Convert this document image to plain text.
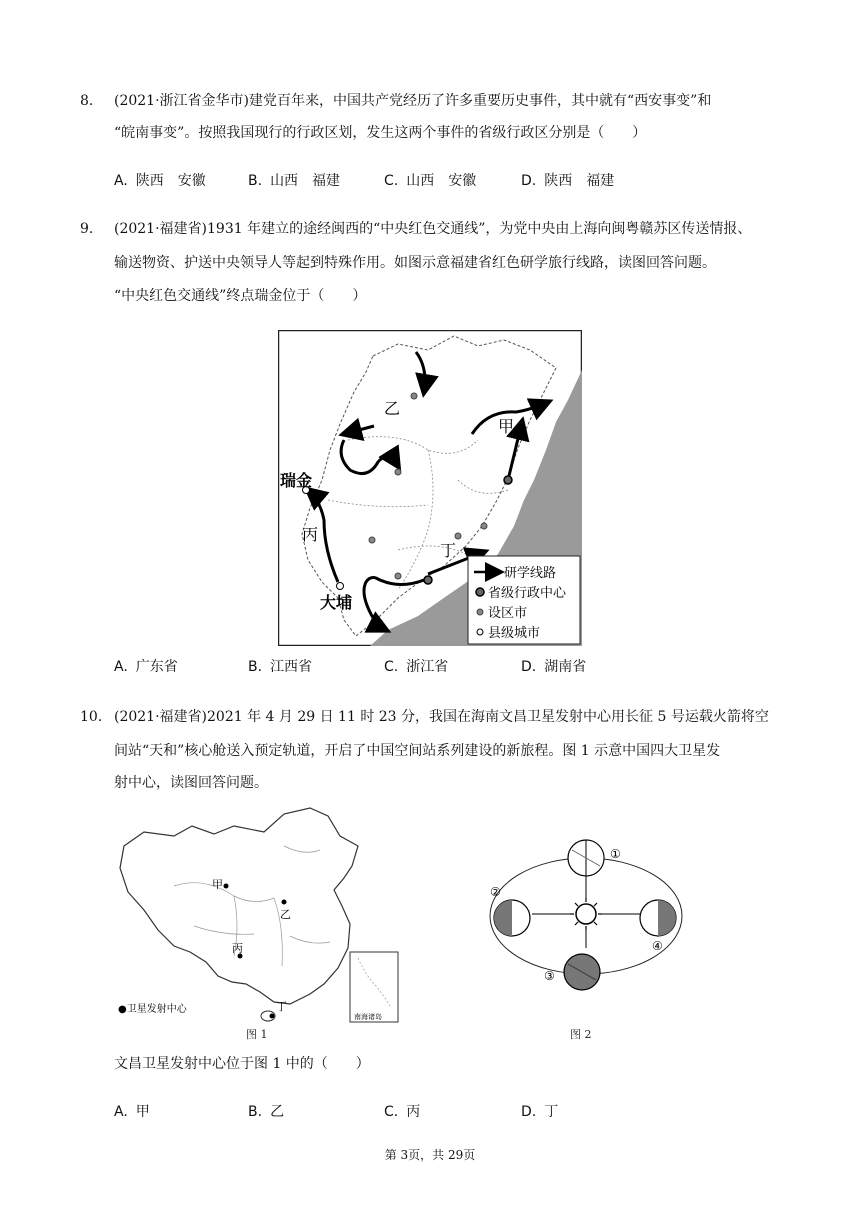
8. (2021·浙江省金华市)建党百年来，中国共产党经历了许多重要历史事件，其中就有“西安事变”和
“皖南事变”。按照我国现行的行政区划，发生这两个事件的省级行政区分别是（　　）
A. 陕西　安徽	B. 山西　福建	C. 山西　安徽	D. 陕西　福建
9. (2021·福建省)1931 年建立的途经闽西的“中央红色交通线”，为党中央由上海向闽粤赣苏区传送情报、
输送物资、护送中央领导人等起到特殊作用。如图示意福建省红色研学旅行线路，读图回答问题。
“中央红色交通线”终点瑞金位于（　　）
乙
甲
丙
丁
瑞金
大埔
研学线路
省级行政中心
设区市
县级城市
A. 广东省	B. 江西省	C. 浙江省	D. 湖南省
10. (2021·福建省)2021 年 4 月 29 日 11 时 23 分，我国在海南文昌卫星发射中心用长征 5 号运载火箭将空
间站“天和”核心舱送入预定轨道，开启了中国空间站系列建设的新旅程。图 1 示意中国四大卫星发
射中心，读图回答问题。
甲
乙
丙
丁
●卫星发射中心
南海诸岛
图 1
①
②
③
④
图 2
文昌卫星发射中心位于图 1 中的（　　）
A. 甲	B. 乙	C. 丙	D. 丁
第 3页，共 29页
